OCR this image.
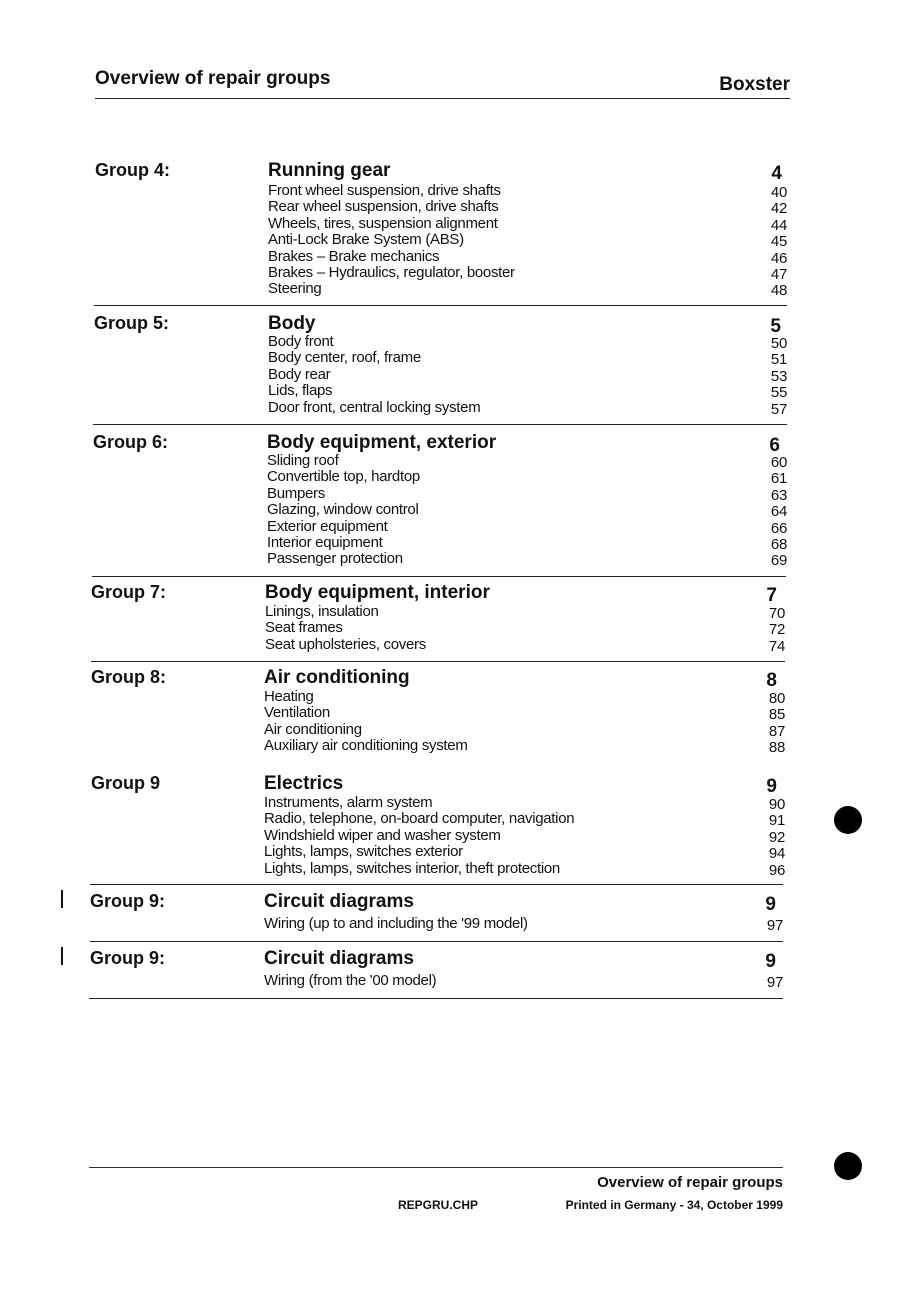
Overview of repair groups	Boxster
Group 4:	Running gear	4
Front wheel suspension, drive shafts	40
Rear wheel suspension, drive shafts	42
Wheels, tires, suspension alignment	44
Anti-Lock Brake System (ABS)	45
Brakes – Brake mechanics	46
Brakes – Hydraulics, regulator, booster	47
Steering	48
Group 5:	Body	5
Body front	50
Body center, roof, frame	51
Body rear	53
Lids, flaps	55
Door front, central locking system	57
Group 6:	Body equipment, exterior	6
Sliding roof	60
Convertible top, hardtop	61
Bumpers	63
Glazing, window control	64
Exterior equipment	66
Interior equipment	68
Passenger protection	69
Group 7:	Body equipment, interior	7
Linings, insulation	70
Seat frames	72
Seat upholsteries, covers	74
Group 8:	Air conditioning	8
Heating	80
Ventilation	85
Air conditioning	87
Auxiliary air conditioning system	88
Group 9	Electrics	9
Instruments, alarm system	90
Radio, telephone, on-board computer, navigation	91
Windshield wiper and washer system	92
Lights, lamps, switches exterior	94
Lights, lamps, switches interior, theft protection	96
Group 9:	Circuit diagrams	9
Wiring (up to and including the '99 model)	97
Group 9:	Circuit diagrams	9
Wiring (from the '00 model)	97
Overview of repair groups
REPGRU.CHP	Printed in Germany - 34, October 1999
